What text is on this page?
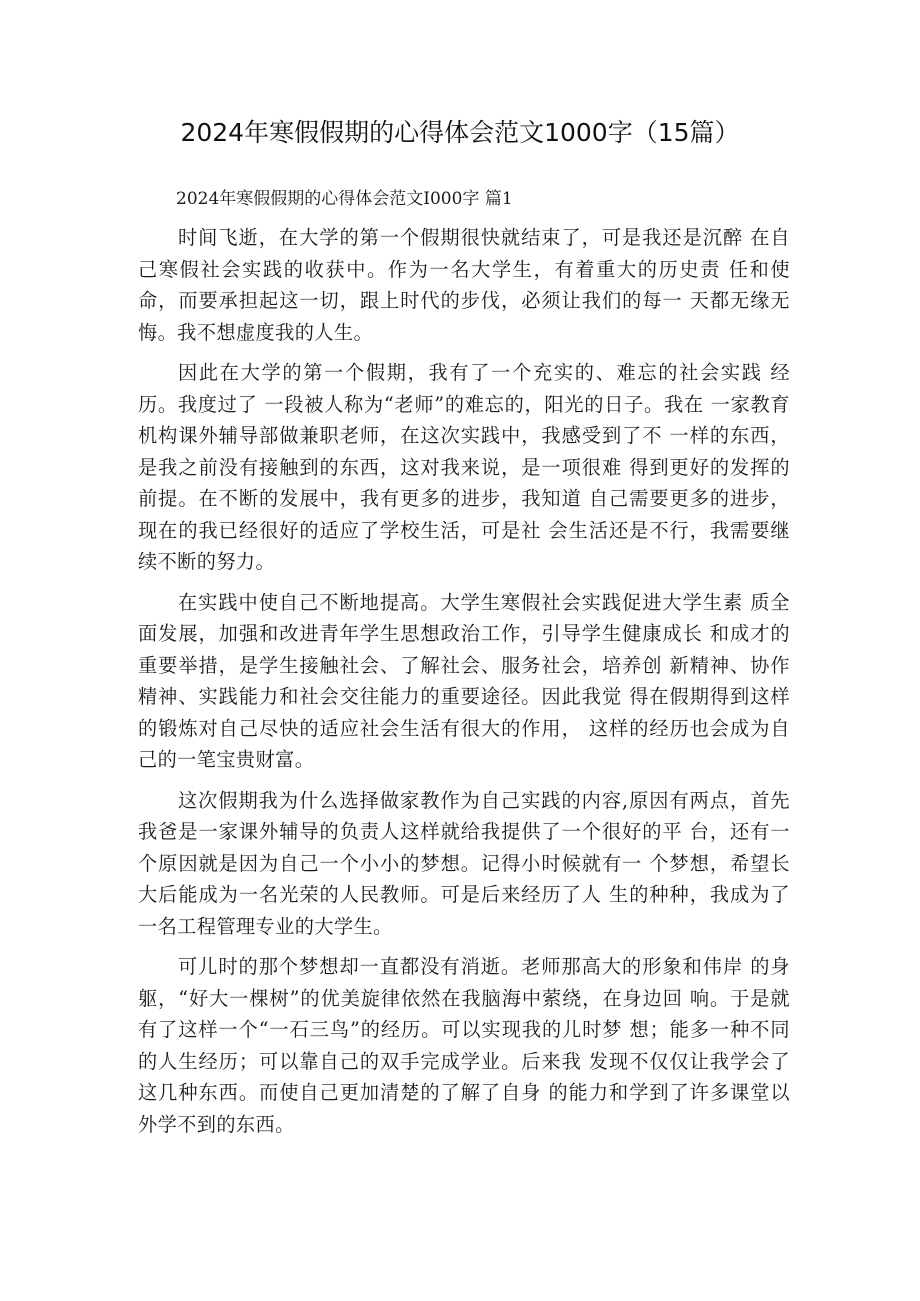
2024年寒假假期的心得体会范文1000字（15篇）
2024年寒假假期的心得体会范文I000字 篇1

时间飞逝，在大学的第一个假期很快就结束了，可是我还是沉醉 在自己寒假社会实践的收获中。作为一名大学生，有着重大的历史责 任和使命，而要承担起这一切，跟上时代的步伐，必须让我们的每一 天都无缘无悔。我不想虚度我的人生。

因此在大学的第一个假期，我有了一个充实的、难忘的社会实践 经历。我度过了 一段被人称为“老师”的难忘的，阳光的日子。我在 一家教育机构课外辅导部做兼职老师，在这次实践中，我感受到了不 一样的东西，是我之前没有接触到的东西，这对我来说，是一项很难 得到更好的发挥的前提。在不断的发展中，我有更多的进步，我知道 自己需要更多的进步，现在的我已经很好的适应了学校生活，可是社 会生活还是不行，我需要继续不断的努力。

在实践中使自己不断地提高。大学生寒假社会实践促进大学生素 质全面发展，加强和改进青年学生思想政治工作，引导学生健康成长 和成才的重要举措，是学生接触社会、了解社会、服务社会，培养创 新精神、协作精神、实践能力和社会交往能力的重要途径。因此我觉 得在假期得到这样的锻炼对自己尽快的适应社会生活有很大的作用， 这样的经历也会成为自己的一笔宝贵财富。

这次假期我为什么选择做家教作为自己实践的内容,原因有两点，首先我爸是一家课外辅导的负责人这样就给我提供了一个很好的平 台，还有一个原因就是因为自己一个小小的梦想。记得小时候就有一 个梦想，希望长大后能成为一名光荣的人民教师。可是后来经历了人 生的种种，我成为了一名工程管理专业的大学生。

可儿时的那个梦想却一直都没有消逝。老师那高大的形象和伟岸 的身躯，“好大一棵树”的优美旋律依然在我脑海中萦绕，在身边回 响。于是就有了这样一个“一石三鸟”的经历。可以实现我的儿时梦 想；能多一种不同的人生经历；可以靠自己的双手完成学业。后来我 发现不仅仅让我学会了这几种东西。而使自己更加清楚的了解了自身 的能力和学到了许多课堂以外学不到的东西。
